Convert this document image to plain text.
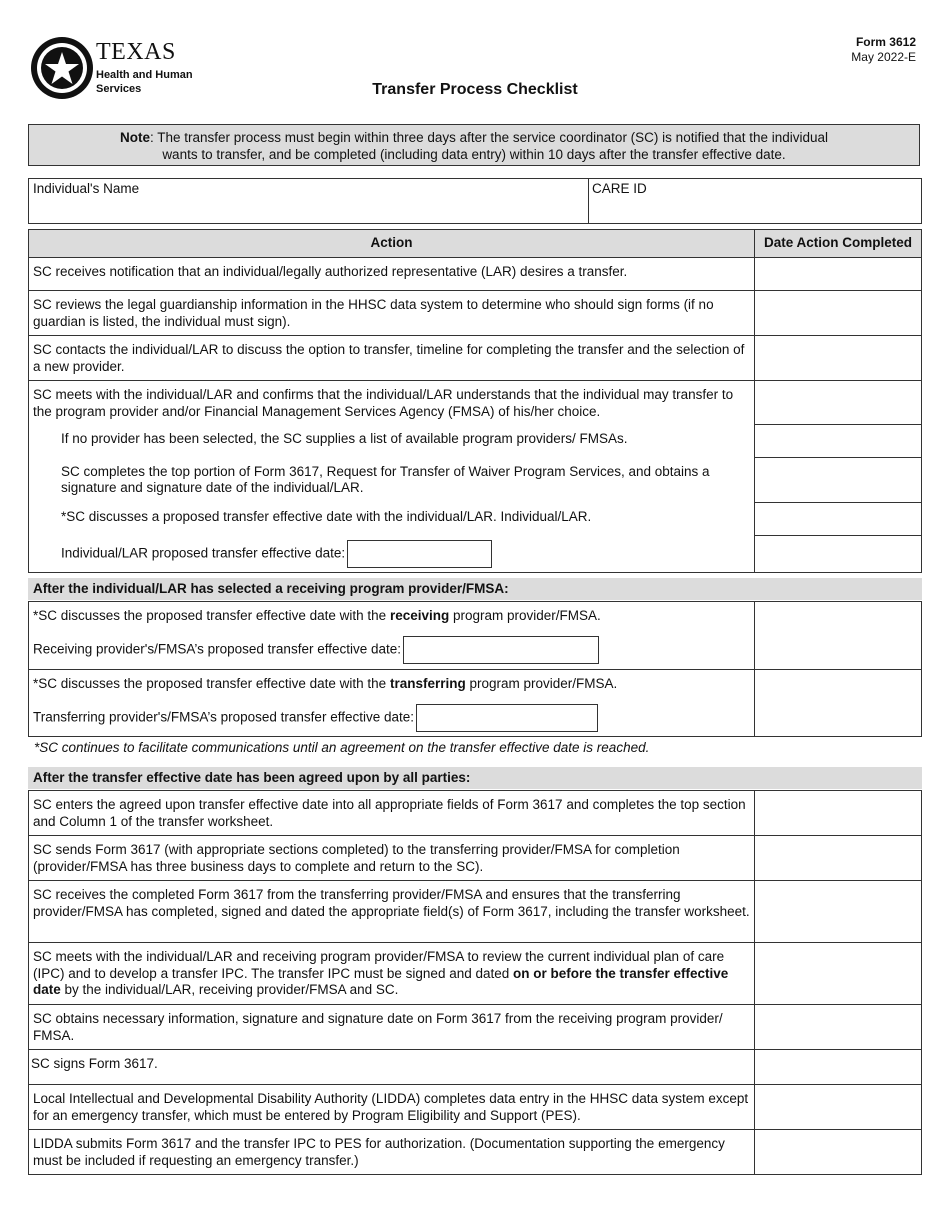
TEXAS
Health and Human
Services
Form 3612
May 2022-E
Transfer Process Checklist
Note: The transfer process must begin within three days after the service coordinator (SC) is notified that the individual
wants to transfer, and be completed (including data entry) within 10 days after the transfer effective date.
Individual's Name	CARE ID
Action	Date Action Completed
SC receives notification that an individual/legally authorized representative (LAR) desires a transfer.	
SC reviews the legal guardianship information in the HHSC data system to determine who should sign forms (if no guardian is listed, the individual must sign).	
SC contacts the individual/LAR to discuss the option to transfer, timeline for completing the transfer and the selection of a new provider.	
SC meets with the individual/LAR and confirms that the individual/LAR understands that the individual may transfer to the program provider and/or Financial Management Services Agency (FMSA) of his/her choice.	
If no provider has been selected, the SC supplies a list of available program providers/ FMSAs.	
SC completes the top portion of Form 3617, Request for Transfer of Waiver Program Services, and obtains a signature and signature date of the individual/LAR.	
*SC discusses a proposed transfer effective date with the individual/LAR. Individual/LAR.	
Individual/LAR proposed transfer effective date:	
After the individual/LAR has selected a receiving program provider/FMSA:
*SC discusses the proposed transfer effective date with the receiving program provider/FMSA.
Receiving provider's/FMSA’s proposed transfer effective date:	

*SC discusses the proposed transfer effective date with the transferring program provider/FMSA.
Transferring provider's/FMSA’s proposed transfer effective date:	

*SC continues to facilitate communications until an agreement on the transfer effective date is reached.
After the transfer effective date has been agreed upon by all parties:
SC enters the agreed upon transfer effective date into all appropriate fields of Form 3617 and completes the top section and Column 1 of the transfer worksheet.	
SC sends Form 3617 (with appropriate sections completed) to the transferring provider/FMSA for completion (provider/FMSA has three business days to complete and return to the SC).	
SC receives the completed Form 3617 from the transferring provider/FMSA and ensures that the transferring provider/FMSA has completed, signed and dated the appropriate field(s) of Form 3617, including the transfer worksheet.	
SC meets with the individual/LAR and receiving program provider/FMSA to review the current individual plan of care (IPC) and to develop a transfer IPC. The transfer IPC must be signed and dated on or before the transfer effective date by the individual/LAR, receiving provider/FMSA and SC.	
SC obtains necessary information, signature and signature date on Form 3617 from the receiving program provider/ FMSA.	
SC signs Form 3617.	
Local Intellectual and Developmental Disability Authority (LIDDA) completes data entry in the HHSC data system except for an emergency transfer, which must be entered by Program Eligibility and Support (PES).	
LIDDA submits Form 3617 and the transfer IPC to PES for authorization. (Documentation supporting the emergency must be included if requesting an emergency transfer.)	
